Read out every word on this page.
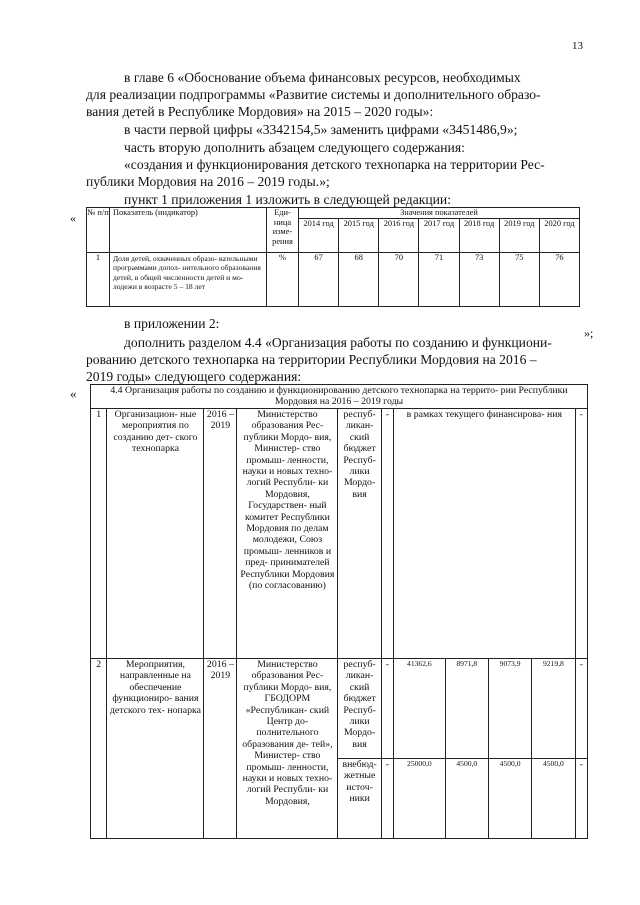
13
в главе 6 «Обоснование объема финансовых ресурсов, необходимых
для реализации подпрограммы «Развитие системы и дополнительного образо-
вания детей в Республике Мордовия» на 2015 – 2020 годы»:
в части первой цифры «3342154,5» заменить цифрами «3451486,9»;
часть вторую дополнить абзацем следующего содержания:
«создания и функционирования детского технопарка на территории Рес-
публики Мордовия на 2016 – 2019 годы.»;
пункт 1 приложения 1 изложить в следующей редакции:
« № п/п	Показатель (индикатор)	Еди- ница изме- рения	Значения показателей						
			2014 год	2015 год	2016 год	2017 год	2018 год	2019 год	2020 год
1	Доля детей, охваченных образо- вательными программами допол- нительного образования детей, в общей численности детей и мо- лодежи в возрасте 5 – 18 лет	%	67	68	70	71	73	75	76
»;
в приложении 2:
дополнить разделом 4.4 «Организация работы по созданию и функциони-
рованию детского технопарка на территории Республики Мордовия на 2016 –
2019 годы» следующего содержания:
«	4.4 Организация работы по созданию и функционированию детского технопарка на террито- рии Республики Мордовия на 2016 – 2019 годы										
1	Организацион- ные мероприятия по созданию дет- ского технопарка	2016 – 2019	Министерство образования Рес- публики Мордо- вия, Министер- ство промыш- ленности, науки и новых техно- логий Республи- ки Мордовия, Государствен- ный комитет Республики Мордовия по делам молодежи, Союз промыш- ленников и пред- принимателей Республики Мордовия (по согласованию)	респуб- ликан- ский бюджет Респуб- лики Мордо- вия	-	в рамках текущего финансирова- ния				-
2	Мероприятия, направленные на обеспечение функциониро- вания детского тех- нопарка	2016 – 2019	Министерство образования Рес- публики Мордо- вия, ГБОДОРМ «Республикан- ский Центр до- полнительного образования де- тей», Министер- ство промыш- ленности, науки и новых техно- логий Республи- ки Мордовия,	респуб- ликан- ский бюджет Респуб- лики Мордо- вия	-	41362,6	8971,8	9073,9	9219,8	-
				внебюд- жетные источ- ники	-	25000,0	4500,0	4500,0	4500,0	-
